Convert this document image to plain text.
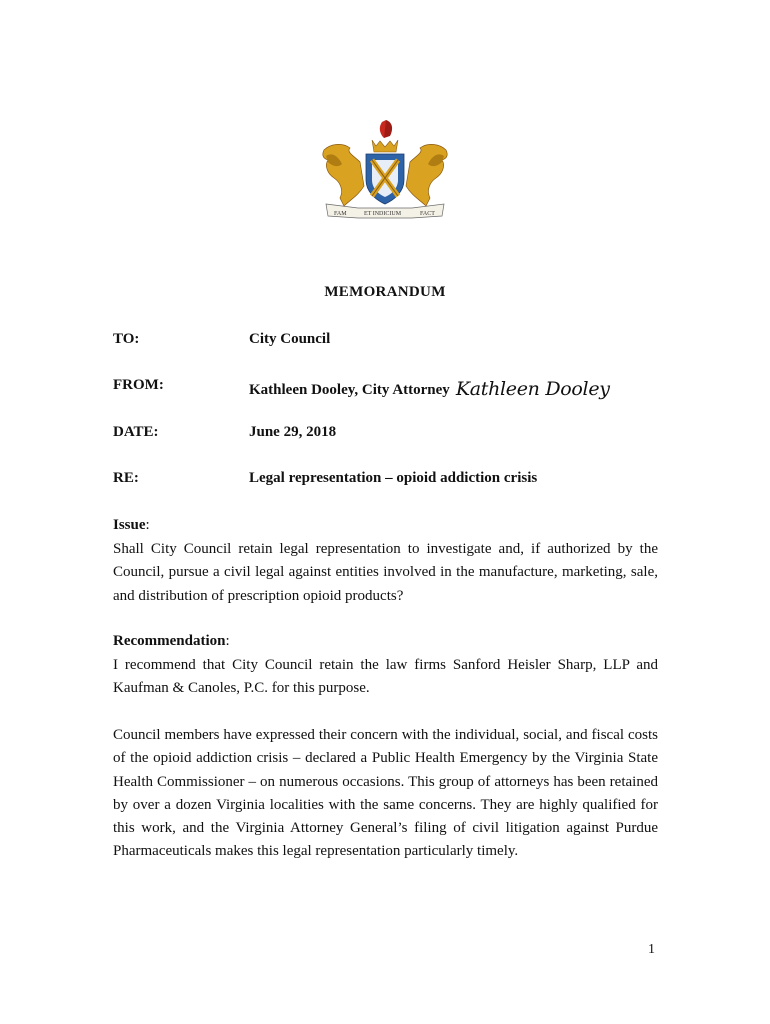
FAM	ET INDICIUM	FACT
MEMORANDUM
TO:	City Council
FROM:	Kathleen Dooley, City Attorney Kathleen Dooley
DATE:	June 29, 2018
RE:	Legal representation – opioid addiction crisis
Issue:
Shall City Council retain legal representation to investigate and, if authorized by the Council, pursue a civil legal against entities involved in the manufacture, marketing, sale, and distribution of prescription opioid products?
Recommendation:
I recommend that City Council retain the law firms Sanford Heisler Sharp, LLP and Kaufman & Canoles, P.C. for this purpose.
Council members have expressed their concern with the individual, social, and fiscal costs of the opioid addiction crisis – declared a Public Health Emergency by the Virginia State Health Commissioner – on numerous occasions. This group of attorneys has been retained by over a dozen Virginia localities with the same concerns. They are highly qualified for this work, and the Virginia Attorney General’s filing of civil litigation against Purdue Pharmaceuticals makes this legal representation particularly timely.
1
